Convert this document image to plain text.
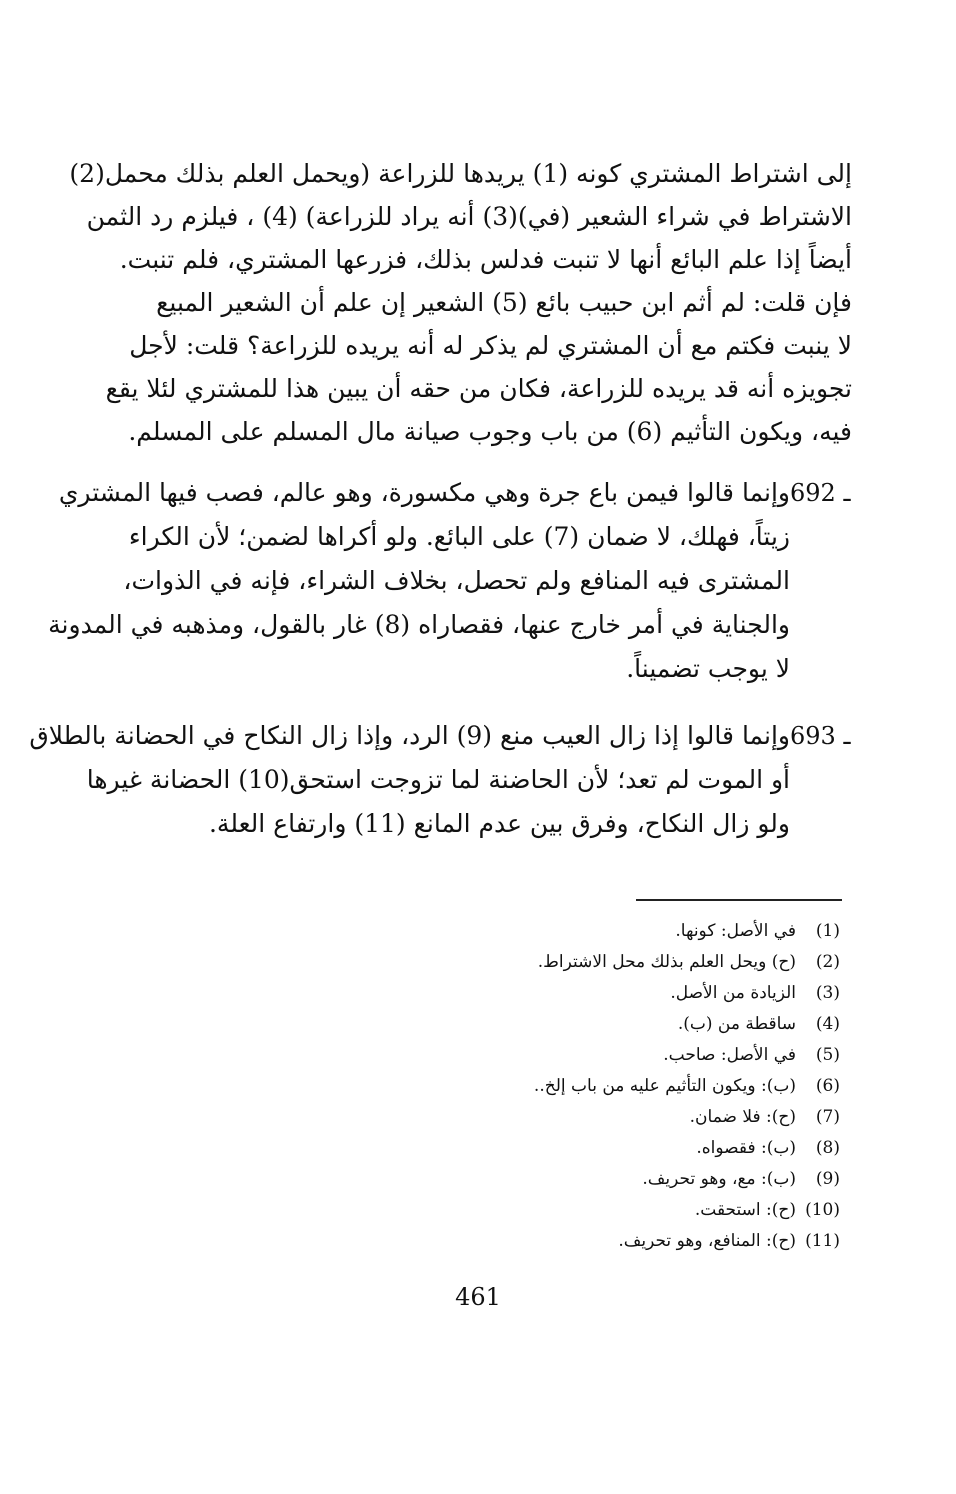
إلى اشتراط المشتري كونه (1) يريدها للزراعة (ويحمل العلم بذلك محمل(2)
الاشتراط في شراء الشعير (في)(3) أنه يراد للزراعة) (4) ، فيلزم رد الثمن
أيضاً إذا علم البائع أنها لا تنبت فدلس بذلك، فزرعها المشتري، فلم تنبت.
فإن قلت: لم أثم ابن حبيب بائع (5) الشعير إن علم أن الشعير المبيع
لا ينبت فكتم مع أن المشتري لم يذكر له أنه يريده للزراعة؟ قلت: لأجل
تجويزه أنه قد يريده للزراعة، فكان من حقه أن يبين هذا للمشتري لئلا يقع
فيه، ويكون التأثيم (6) من باب وجوب صيانة مال المسلم على المسلم.
692 ـ
وإنما قالوا فيمن باع جرة وهي مكسورة، وهو عالم، فصب فيها المشتري
زيتاً، فهلك، لا ضمان (7) على البائع. ولو أكراها لضمن؛ لأن الكراء
المشترى فيه المنافع ولم تحصل، بخلاف الشراء، فإنه في الذوات،
والجناية في أمر خارج عنها، فقصاراه (8) غار بالقول، ومذهبه في المدونة
لا يوجب تضميناً.
693 ـ
وإنما قالوا إذا زال العيب منع (9) الرد، وإذا زال النكاح في الحضانة بالطلاق
أو الموت لم تعد؛ لأن الحاضنة لما تزوجت استحق(10) الحضانة غيرها
ولو زال النكاح، وفرق بين عدم المانع (11) وارتفاع العلة.
(1)
في الأصل: كونها.
(2)
(ح) ويحل العلم بذلك محل الاشتراط.
(3)
الزيادة من الأصل.
(4)
ساقطة من (ب).
(5)
في الأصل: صاحب.
(6)
(ب): ويكون التأثيم عليه من باب إلخ..
(7)
(ح): فلا ضمان.
(8)
(ب): فقصواه.
(9)
(ب): مع، وهو تحريف.
(10)
(ح): استحقت.
(11)
(ح): المنافع، وهو تحريف.
461
